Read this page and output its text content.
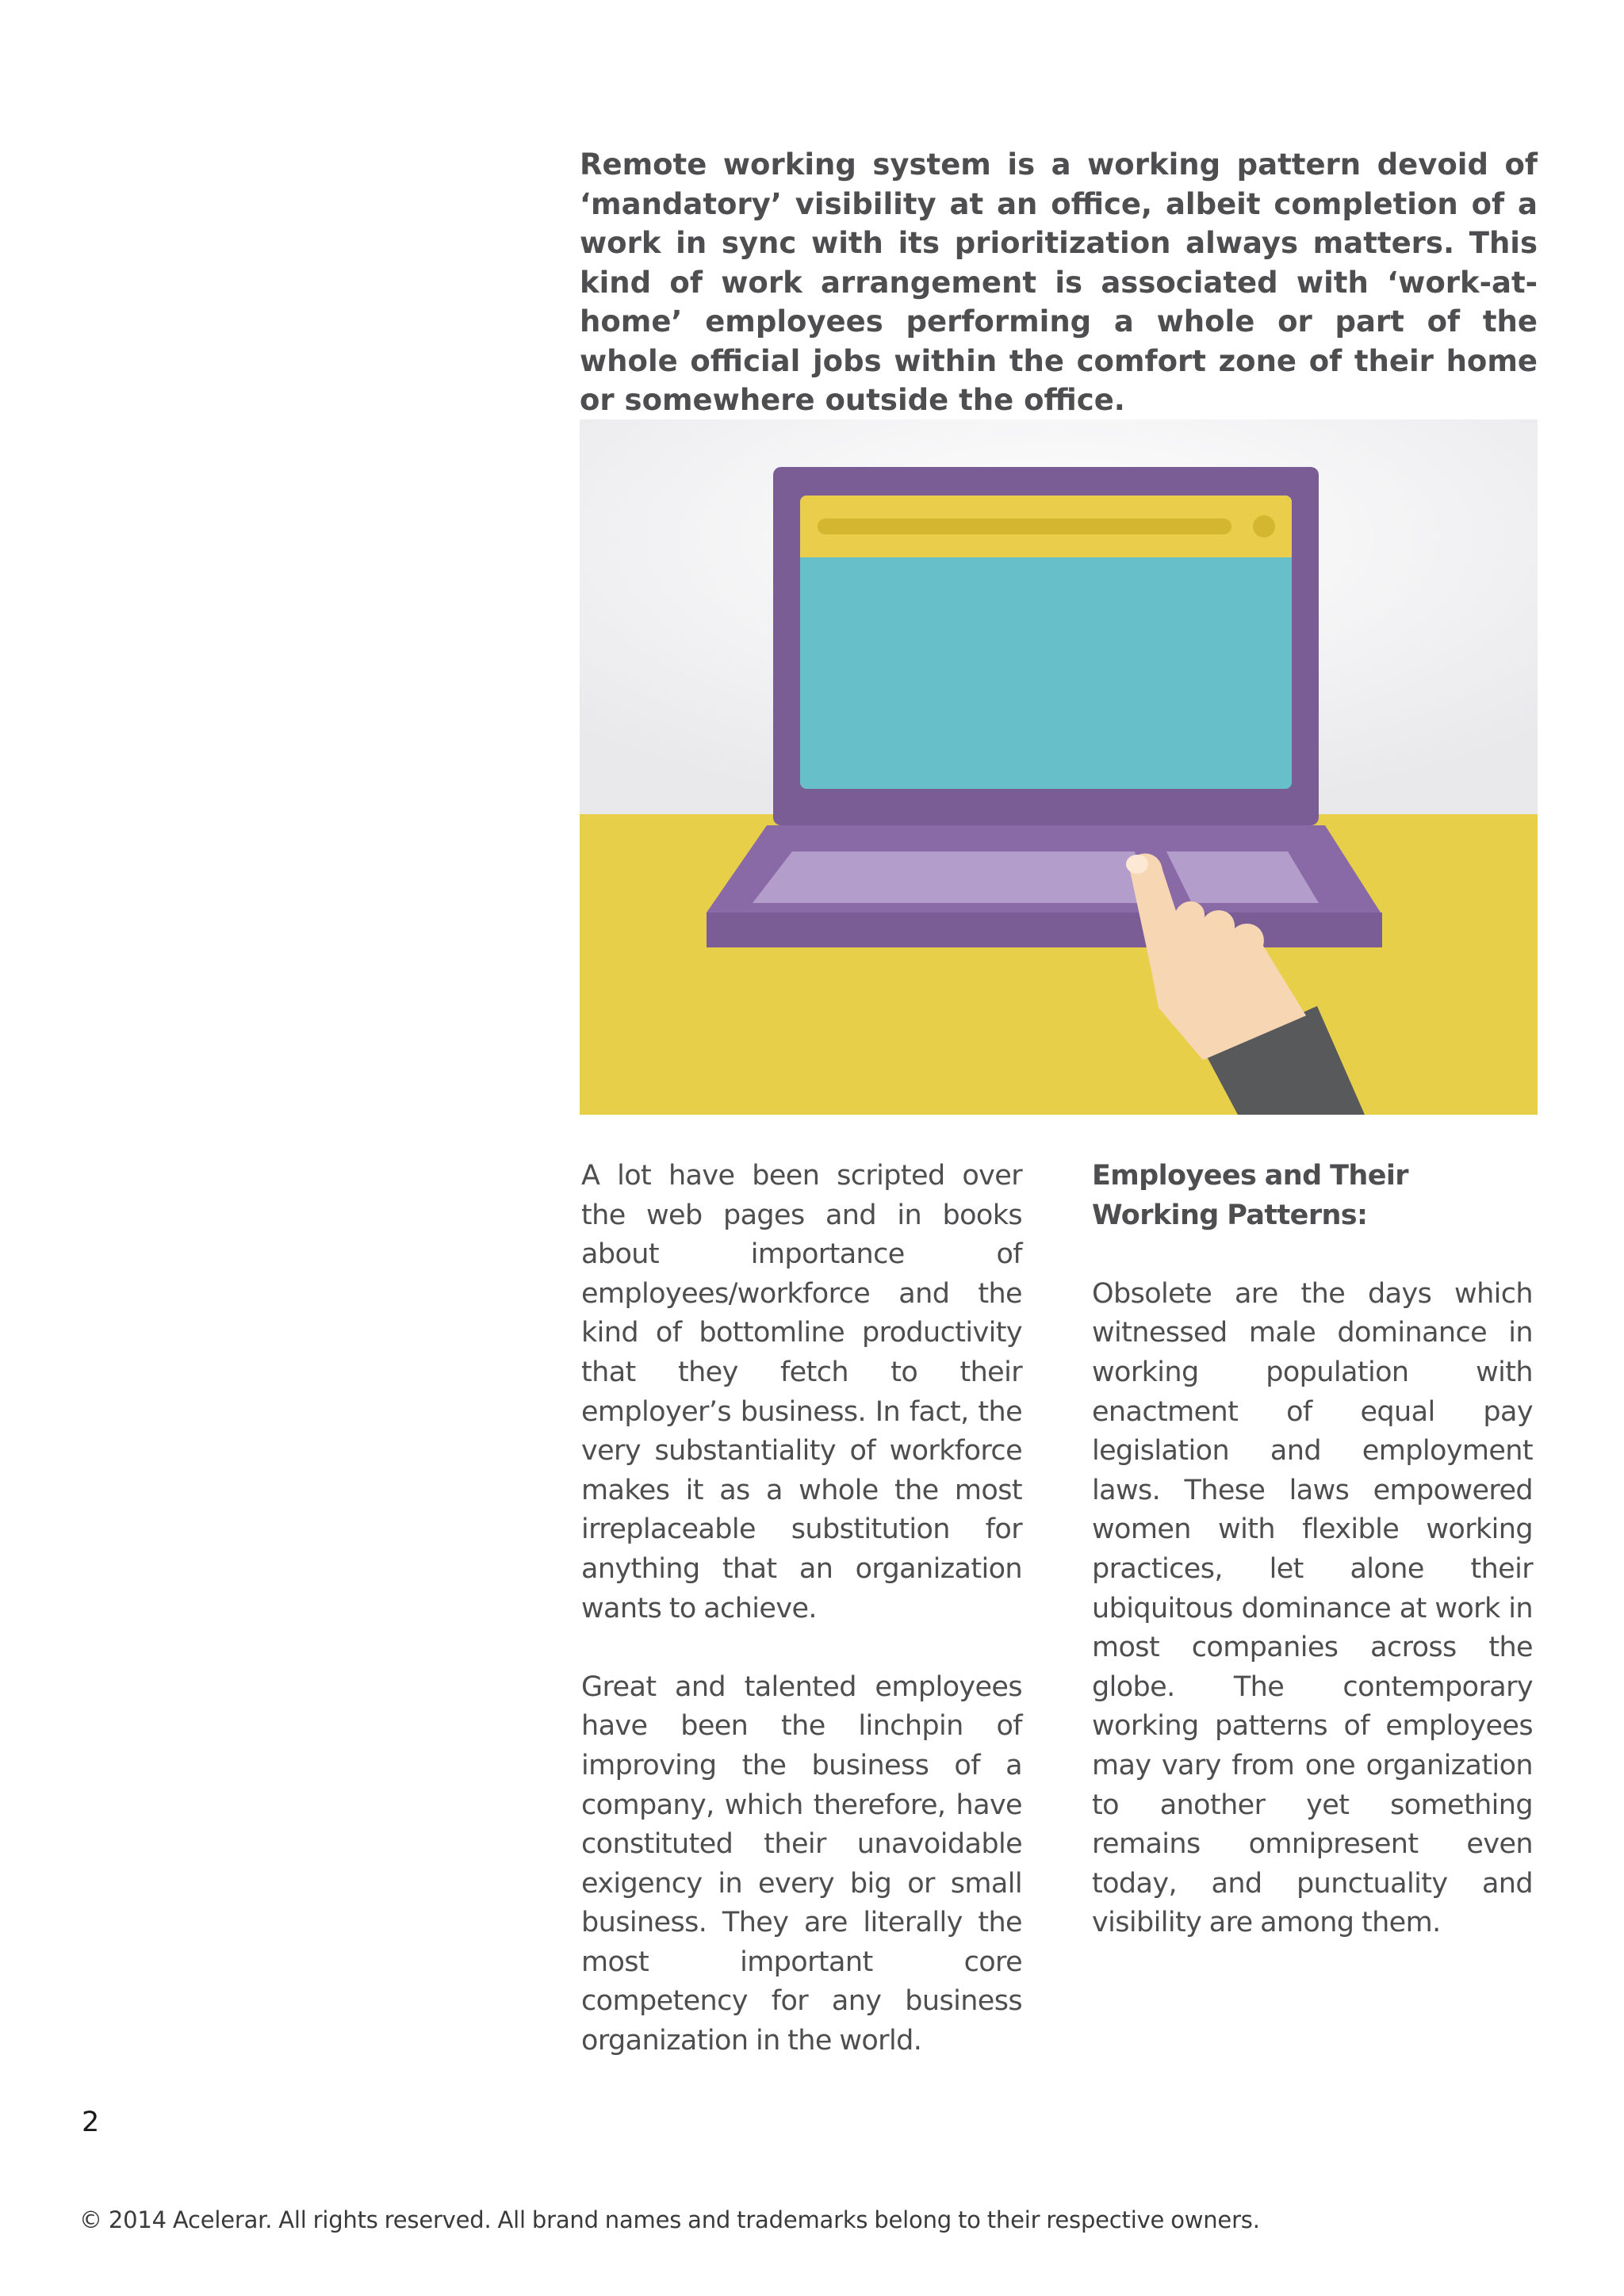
Remote working system is a working pattern devoid of ‘mandatory’ visibility at an office, albeit completion of a work in sync with its prioritization always matters. This kind of work arrangement is associated with ‘work-at-home’ employees performing a whole or part of the whole official jobs within the comfort zone of their home or somewhere outside the office.

A lot have been scripted over the web pages and in books about importance of employees/workforce and the kind of bottomline productivity that they fetch to their employer’s business. In fact, the very substantiality of workforce makes it as a whole the most irreplaceable substitution for anything that an organization wants to achieve.

Great and talented employees have been the linchpin of improving the business of a company, which therefore, have constituted their unavoidable exigency in every big or small business. They are literally the most important core competency for any business organization in the world.

Employees and Their Working Patterns:

Obsolete are the days which witnessed male dominance in working population with enactment of equal pay legislation and employment laws. These laws empowered women with flexible working practices, let alone their ubiquitous dominance at work in most companies across the globe. The contemporary working patterns of employees may vary from one organization to another yet something remains omnipresent even today, and punctuality and visibility are among them.

2
© 2014 Acelerar. All rights reserved. All brand names and trademarks belong to their respective owners.
